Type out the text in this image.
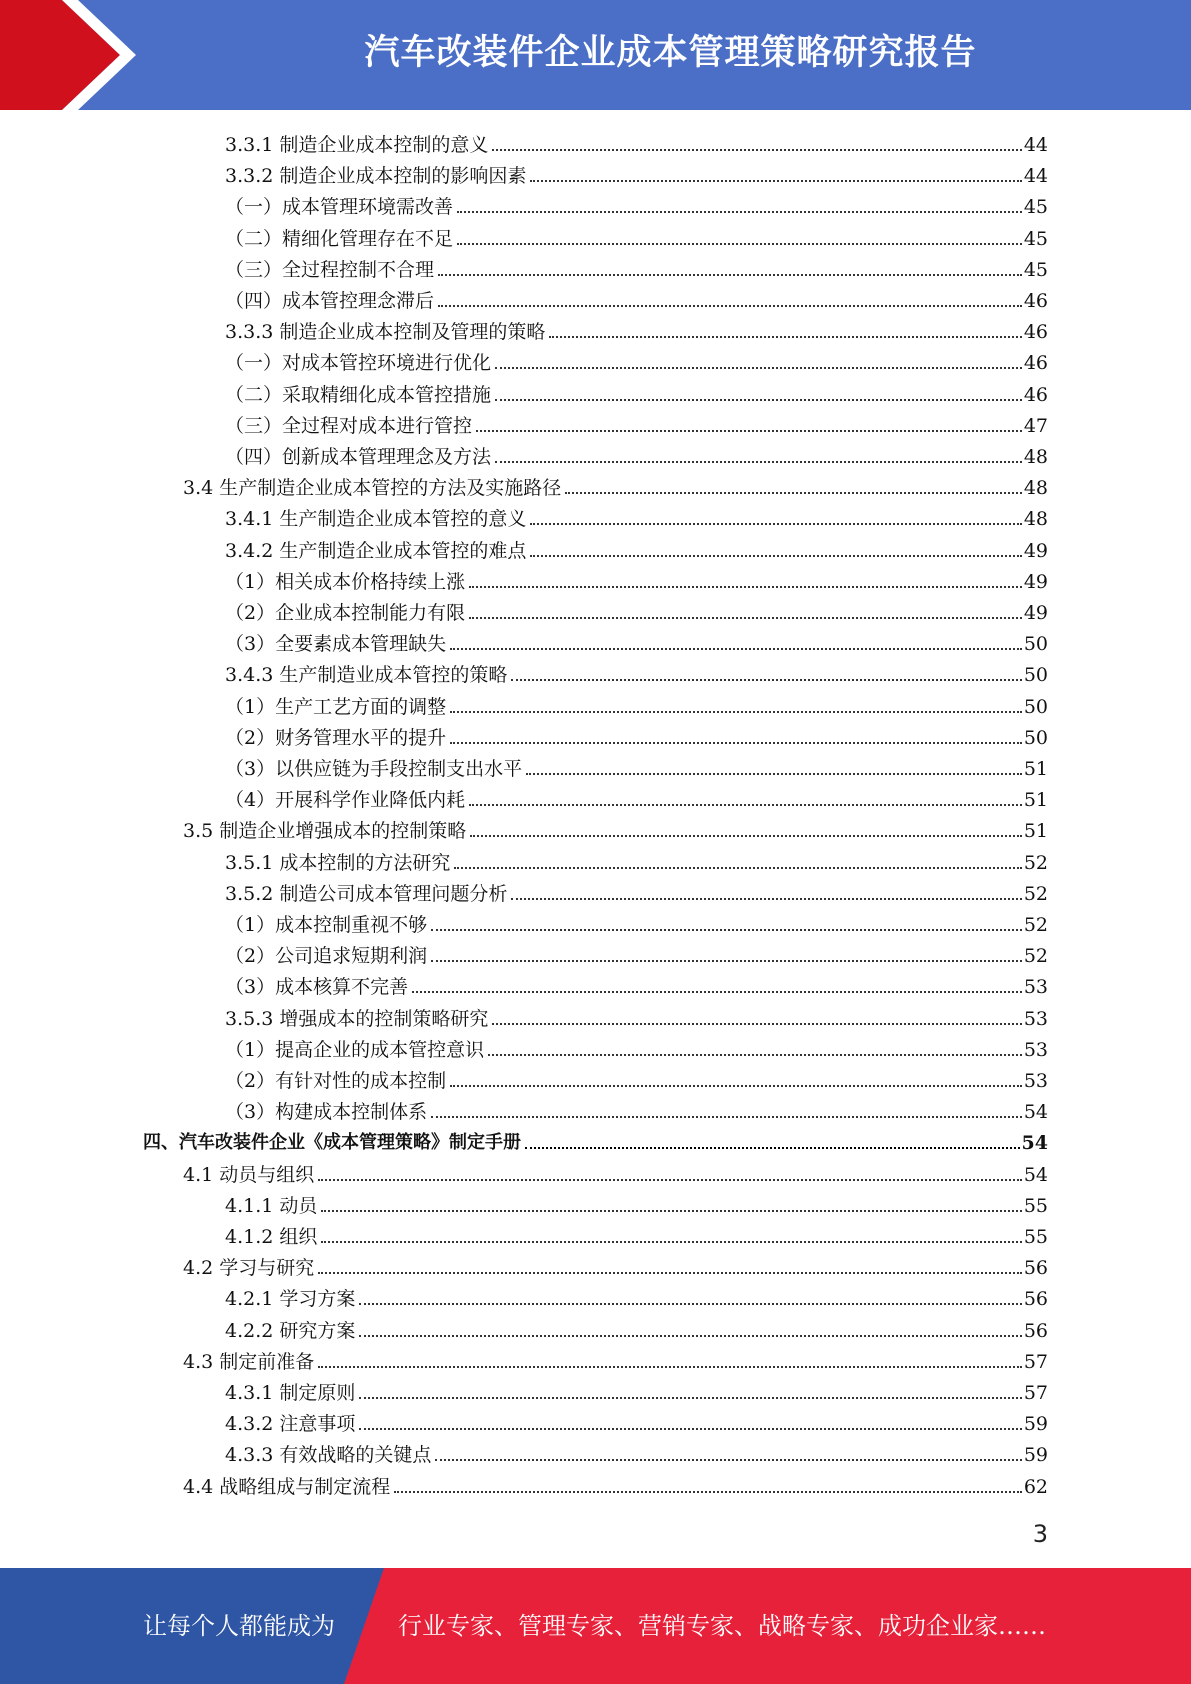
汽车改装件企业成本管理策略研究报告
3.3.1 制造企业成本控制的意义	44
3.3.2 制造企业成本控制的影响因素	44
（一）成本管理环境需改善	45
（二）精细化管理存在不足	45
（三）全过程控制不合理	45
（四）成本管控理念滞后	46
3.3.3 制造企业成本控制及管理的策略	46
（一）对成本管控环境进行优化	46
（二）采取精细化成本管控措施	46
（三）全过程对成本进行管控	47
（四）创新成本管理理念及方法	48
3.4 生产制造企业成本管控的方法及实施路径	48
3.4.1 生产制造企业成本管控的意义	48
3.4.2 生产制造企业成本管控的难点	49
（1）相关成本价格持续上涨	49
（2）企业成本控制能力有限	49
（3）全要素成本管理缺失	50
3.4.3 生产制造业成本管控的策略	50
（1）生产工艺方面的调整	50
（2）财务管理水平的提升	50
（3）以供应链为手段控制支出水平	51
（4）开展科学作业降低内耗	51
3.5 制造企业增强成本的控制策略	51
3.5.1 成本控制的方法研究	52
3.5.2 制造公司成本管理问题分析	52
（1）成本控制重视不够	52
（2）公司追求短期利润	52
（3）成本核算不完善	53
3.5.3 增强成本的控制策略研究	53
（1）提高企业的成本管控意识	53
（2）有针对性的成本控制	53
（3）构建成本控制体系	54
四、汽车改装件企业《成本管理策略》制定手册	54
4.1 动员与组织	54
4.1.1 动员	55
4.1.2 组织	55
4.2 学习与研究	56
4.2.1 学习方案	56
4.2.2 研究方案	56
4.3 制定前准备	57
4.3.1 制定原则	57
4.3.2 注意事项	59
4.3.3 有效战略的关键点	59
4.4 战略组成与制定流程	62
3
让每个人都能成为	行业专家、管理专家、营销专家、战略专家、成功企业家……
